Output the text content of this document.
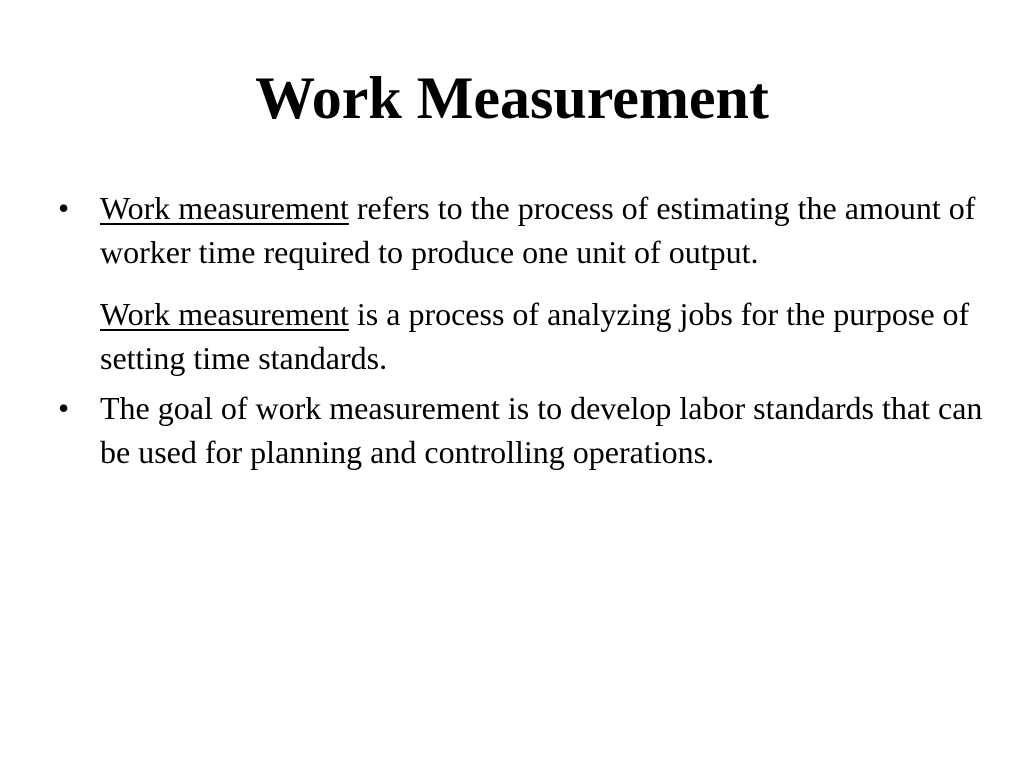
Work Measurement
• Work measurement refers to the process of estimating the amount of worker time required to produce one unit of output.

Work measurement is a process of analyzing jobs for the purpose of setting time standards.

• The goal of work measurement is to develop labor standards that can be used for planning and controlling operations.
